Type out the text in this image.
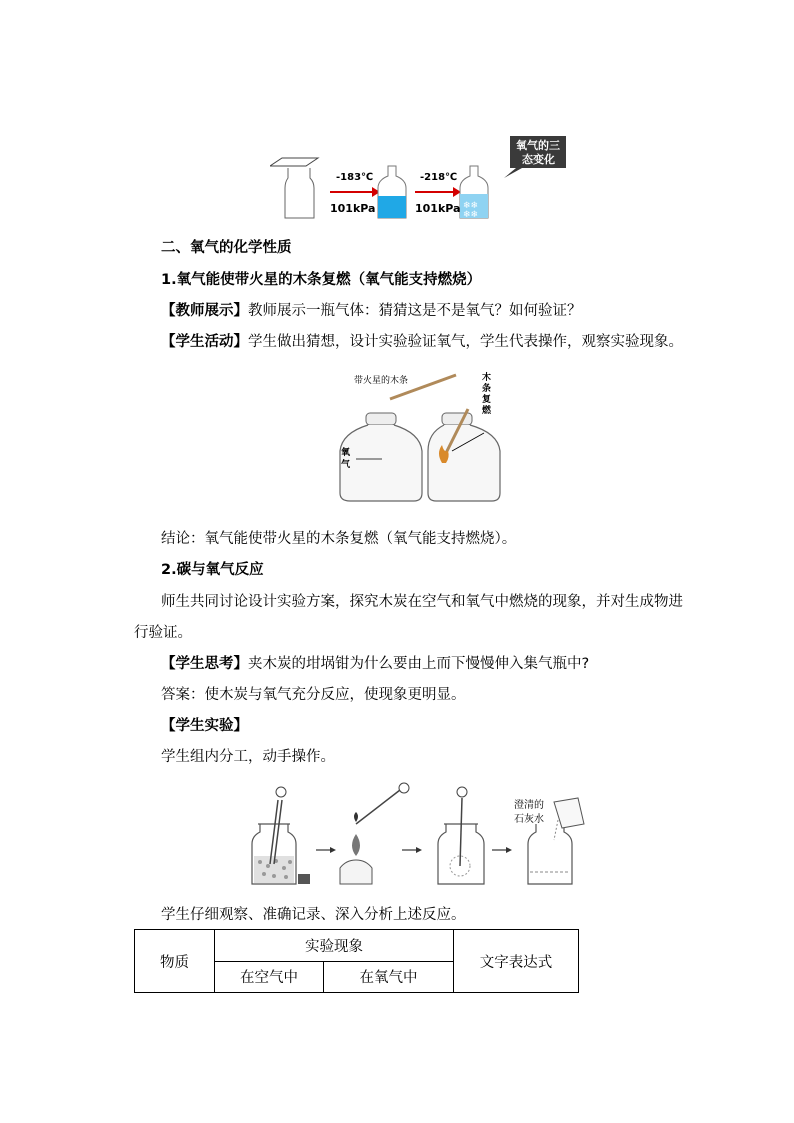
-183℃
101kPa
-218℃
101kPa ❄❄
❄❄
氧气的三
态变化
二、氧气的化学性质
1.氧气能使带火星的木条复燃（氧气能支持燃烧）
【教师展示】教师展示一瓶气体：猜猜这是不是氧气？如何验证？
【学生活动】学生做出猜想，设计实验验证氧气，学生代表操作，观察实验现象。
带火星的木条	木
条
复
燃
氧
气
结论：氧气能使带火星的木条复燃（氧气能支持燃烧）。
2.碳与氧气反应
师生共同讨论设计实验方案，探究木炭在空气和氧气中燃烧的现象，并对生成物进
行验证。
【学生思考】夹木炭的坩埚钳为什么要由上而下慢慢伸入集气瓶中?
答案：使木炭与氧气充分反应，使现象更明显。
【学生实验】
学生组内分工，动手操作。
澄清的
石灰水
学生仔细观察、准确记录、深入分析上述反应。
物质	实验现象		文字表达式
	在空气中	在氧气中	
